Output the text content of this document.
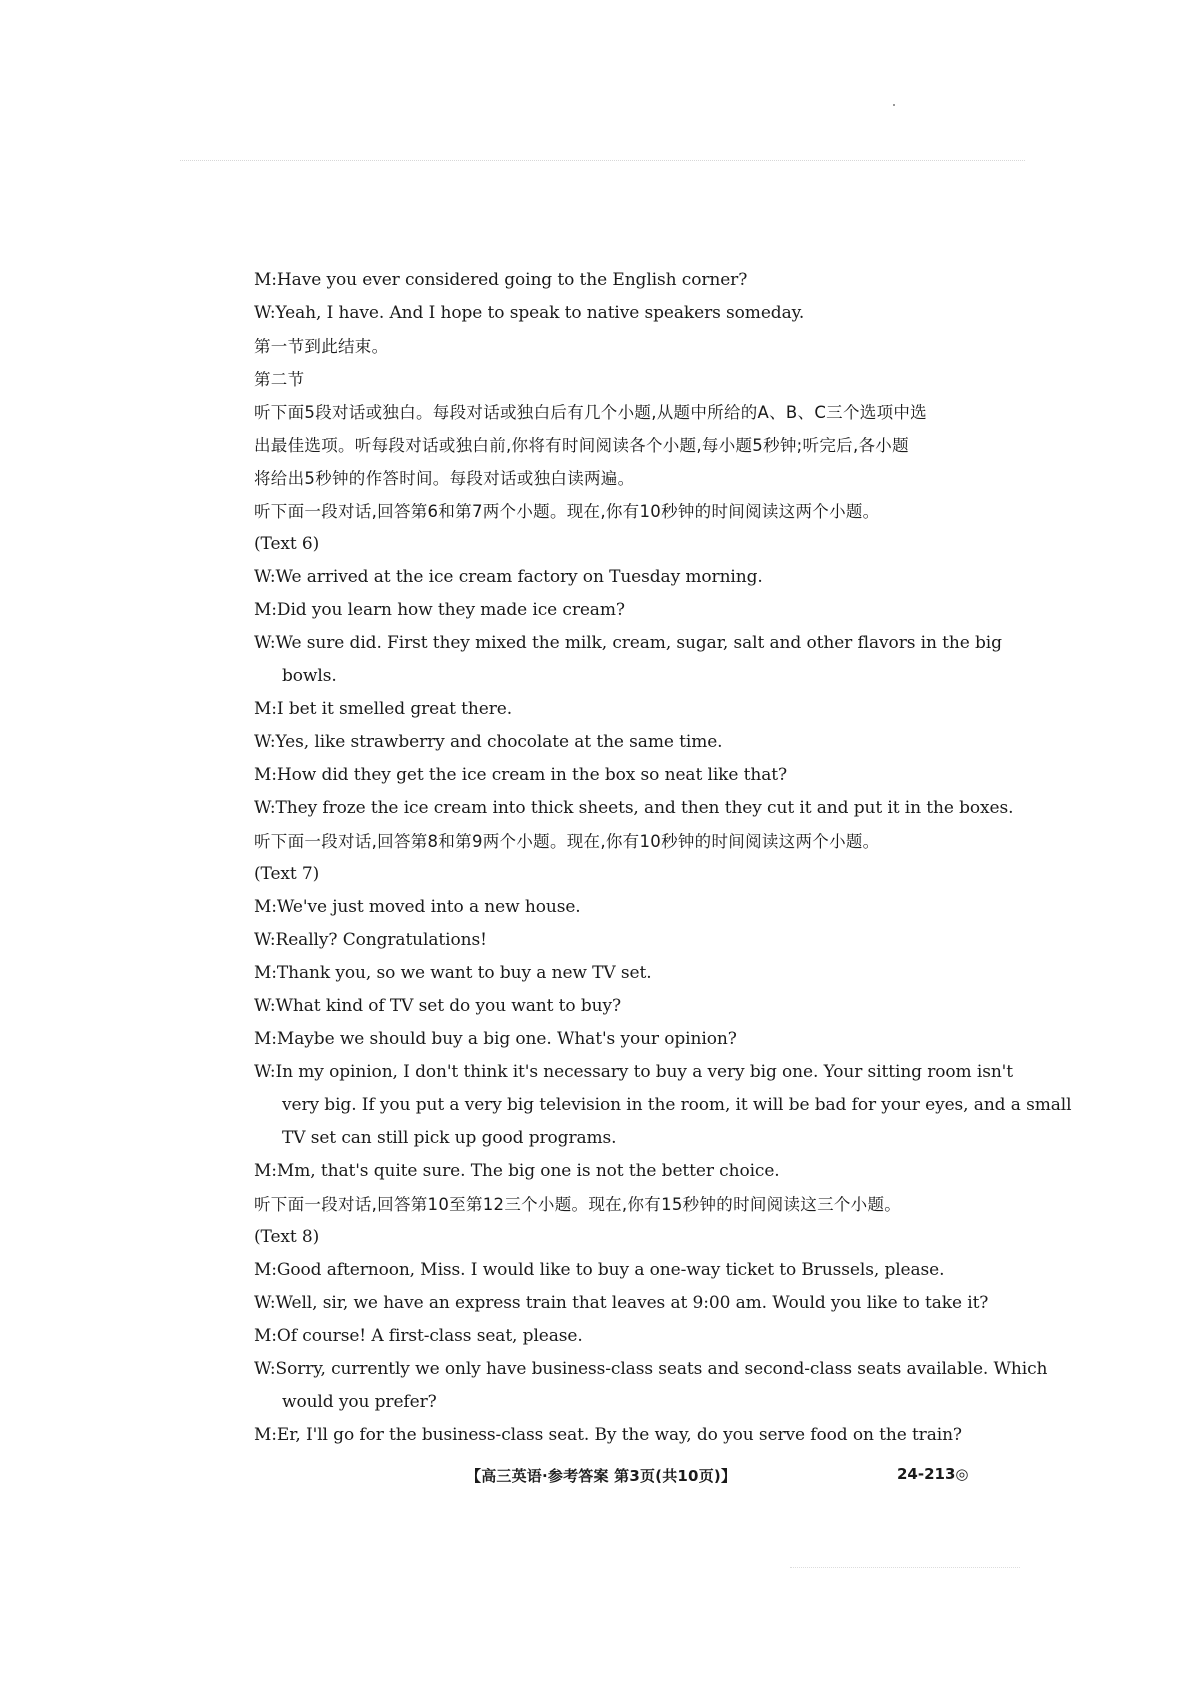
M:Have you ever considered going to the English corner?
W:Yeah, I have. And I hope to speak to native speakers someday.
第一节到此结束。
第二节
听下面5段对话或独白。每段对话或独白后有几个小题,从题中所给的A、B、C三个选项中选
出最佳选项。听每段对话或独白前,你将有时间阅读各个小题,每小题5秒钟;听完后,各小题
将给出5秒钟的作答时间。每段对话或独白读两遍。
听下面一段对话,回答第6和第7两个小题。现在,你有10秒钟的时间阅读这两个小题。
(Text 6)
W:We arrived at the ice cream factory on Tuesday morning.
M:Did you learn how they made ice cream?
W:We sure did. First they mixed the milk, cream, sugar, salt and other flavors in the big
bowls.
M:I bet it smelled great there.
W:Yes, like strawberry and chocolate at the same time.
M:How did they get the ice cream in the box so neat like that?
W:They froze the ice cream into thick sheets, and then they cut it and put it in the boxes.
听下面一段对话,回答第8和第9两个小题。现在,你有10秒钟的时间阅读这两个小题。
(Text 7)
M:We've just moved into a new house.
W:Really? Congratulations!
M:Thank you, so we want to buy a new TV set.
W:What kind of TV set do you want to buy?
M:Maybe we should buy a big one. What's your opinion?
W:In my opinion, I don't think it's necessary to buy a very big one. Your sitting room isn't
very big. If you put a very big television in the room, it will be bad for your eyes, and a small
TV set can still pick up good programs.
M:Mm, that's quite sure. The big one is not the better choice.
听下面一段对话,回答第10至第12三个小题。现在,你有15秒钟的时间阅读这三个小题。
(Text 8)
M:Good afternoon, Miss. I would like to buy a one-way ticket to Brussels, please.
W:Well, sir, we have an express train that leaves at 9:00 am. Would you like to take it?
M:Of course! A first-class seat, please.
W:Sorry, currently we only have business-class seats and second-class seats available. Which
would you prefer?
M:Er, I'll go for the business-class seat. By the way, do you serve food on the train?
【高三英语·参考答案 第3页(共10页)】	24-213◎
